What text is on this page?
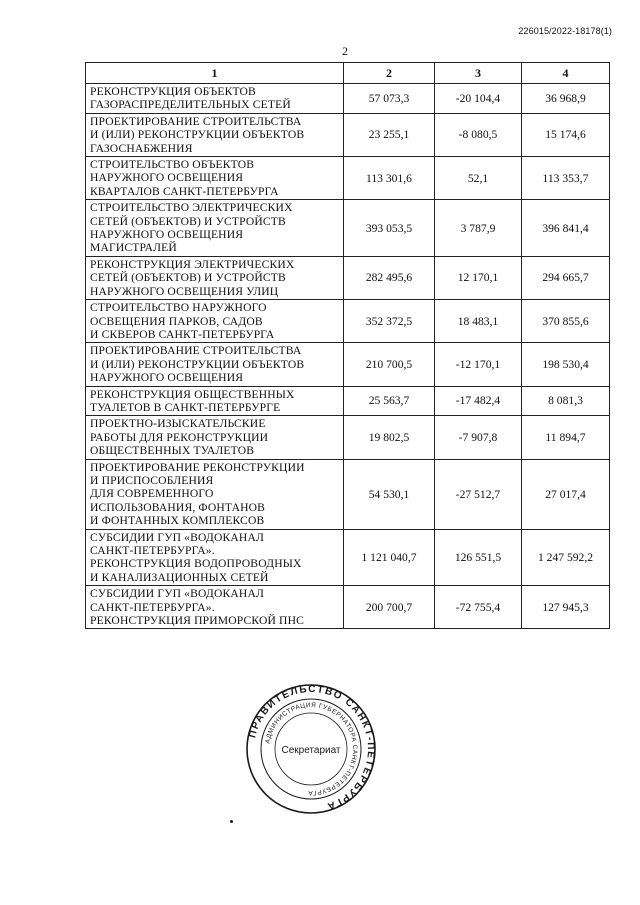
226015/2022-18178(1)
2
1	2	3	4
РЕКОНСТРУКЦИЯ ОБЪЕКТОВ
ГАЗОРАСПРЕДЕЛИТЕЛЬНЫХ СЕТЕЙ	57 073,3	-20 104,4	36 968,9
ПРОЕКТИРОВАНИЕ СТРОИТЕЛЬСТВА
И (ИЛИ) РЕКОНСТРУКЦИИ ОБЪЕКТОВ
ГАЗОСНАБЖЕНИЯ	23 255,1	-8 080,5	15 174,6
СТРОИТЕЛЬСТВО ОБЪЕКТОВ
НАРУЖНОГО ОСВЕЩЕНИЯ
КВАРТАЛОВ САНКТ-ПЕТЕРБУРГА	113 301,6	52,1	113 353,7
СТРОИТЕЛЬСТВО ЭЛЕКТРИЧЕСКИХ
СЕТЕЙ (ОБЪЕКТОВ) И УСТРОЙСТВ
НАРУЖНОГО ОСВЕЩЕНИЯ
МАГИСТРАЛЕЙ	393 053,5	3 787,9	396 841,4
РЕКОНСТРУКЦИЯ ЭЛЕКТРИЧЕСКИХ
СЕТЕЙ (ОБЪЕКТОВ) И УСТРОЙСТВ
НАРУЖНОГО ОСВЕЩЕНИЯ УЛИЦ	282 495,6	12 170,1	294 665,7
СТРОИТЕЛЬСТВО НАРУЖНОГО
ОСВЕЩЕНИЯ ПАРКОВ, САДОВ
И СКВЕРОВ САНКТ-ПЕТЕРБУРГА	352 372,5	18 483,1	370 855,6
ПРОЕКТИРОВАНИЕ СТРОИТЕЛЬСТВА
И (ИЛИ) РЕКОНСТРУКЦИИ ОБЪЕКТОВ
НАРУЖНОГО ОСВЕЩЕНИЯ	210 700,5	-12 170,1	198 530,4
РЕКОНСТРУКЦИЯ ОБЩЕСТВЕННЫХ
ТУАЛЕТОВ В САНКТ-ПЕТЕРБУРГЕ	25 563,7	-17 482,4	8 081,3
ПРОЕКТНО-ИЗЫСКАТЕЛЬСКИЕ
РАБОТЫ ДЛЯ РЕКОНСТРУКЦИИ
ОБЩЕСТВЕННЫХ ТУАЛЕТОВ	19 802,5	-7 907,8	11 894,7
ПРОЕКТИРОВАНИЕ РЕКОНСТРУКЦИИ
И ПРИСПОСОБЛЕНИЯ
ДЛЯ СОВРЕМЕННОГО
ИСПОЛЬЗОВАНИЯ, ФОНТАНОВ
И ФОНТАННЫХ КОМПЛЕКСОВ	54 530,1	-27 512,7	27 017,4
СУБСИДИИ ГУП «ВОДОКАНАЛ
САНКТ-ПЕТЕРБУРГА».
РЕКОНСТРУКЦИЯ ВОДОПРОВОДНЫХ
И КАНАЛИЗАЦИОННЫХ СЕТЕЙ	1 121 040,7	126 551,5	1 247 592,2
СУБСИДИИ ГУП «ВОДОКАНАЛ
САНКТ-ПЕТЕРБУРГА».
РЕКОНСТРУКЦИЯ ПРИМОРСКОЙ ПНС	200 700,7	-72 755,4	127 945,3
ПРАВИТЕЛЬСТВО САНКТ-ПЕТЕРБУРГА
АДМИНИСТРАЦИЯ ГУБЕРНАТОРА САНКТ-ПЕТЕРБУРГА
Секретариат
